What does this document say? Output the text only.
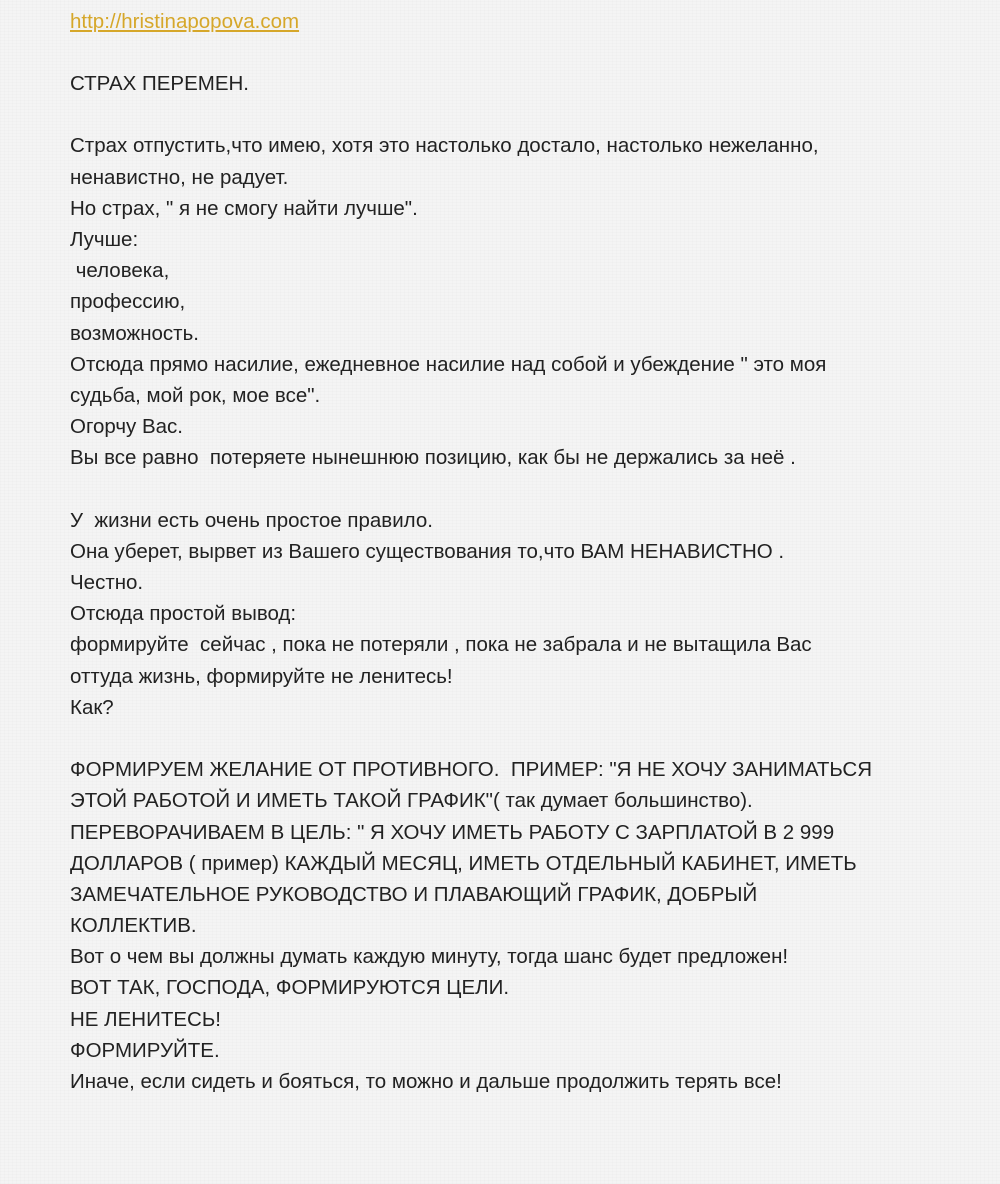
http://hristinapopova.com
СТРАХ ПЕРЕМЕН.
Страх отпустить,что имею, хотя это настолько достало, настолько нежеланно,
ненавистно, не радует.
Но страх, " я не смогу найти лучше".
Лучше:
человека,
профессию,
возможность.
Отсюда прямо насилие, ежедневное насилие над собой и убеждение " это моя
судьба, мой рок, мое все".
Огорчу Вас.
Вы все равно  потеряете нынешнюю позицию, как бы не держались за неё .
У  жизни есть очень простое правило.
Она уберет, вырвет из Вашего существования то,что ВАМ НЕНАВИСТНО .
Честно.
Отсюда простой вывод:
формируйте  сейчас , пока не потеряли , пока не забрала и не вытащила Вас
оттуда жизнь, формируйте не ленитесь!
Как?
ФОРМИРУЕМ ЖЕЛАНИЕ ОТ ПРОТИВНОГО.  ПРИМЕР: "Я НЕ ХОЧУ ЗАНИМАТЬСЯ
ЭТОЙ РАБОТОЙ И ИМЕТЬ ТАКОЙ ГРАФИК"( так думает большинство).
ПЕРЕВОРАЧИВАЕМ В ЦЕЛЬ: " Я ХОЧУ ИМЕТЬ РАБОТУ С ЗАРПЛАТОЙ В 2 999
ДОЛЛАРОВ ( пример) КАЖДЫЙ МЕСЯЦ, ИМЕТЬ ОТДЕЛЬНЫЙ КАБИНЕТ, ИМЕТЬ
ЗАМЕЧАТЕЛЬНОЕ РУКОВОДСТВО И ПЛАВАЮЩИЙ ГРАФИК, ДОБРЫЙ
КОЛЛЕКТИВ.
Вот о чем вы должны думать каждую минуту, тогда шанс будет предложен!
ВОТ ТАК, ГОСПОДА, ФОРМИРУЮТСЯ ЦЕЛИ.
НЕ ЛЕНИТЕСЬ!
ФОРМИРУЙТЕ.
Иначе, если сидеть и бояться, то можно и дальше продолжить терять все!
